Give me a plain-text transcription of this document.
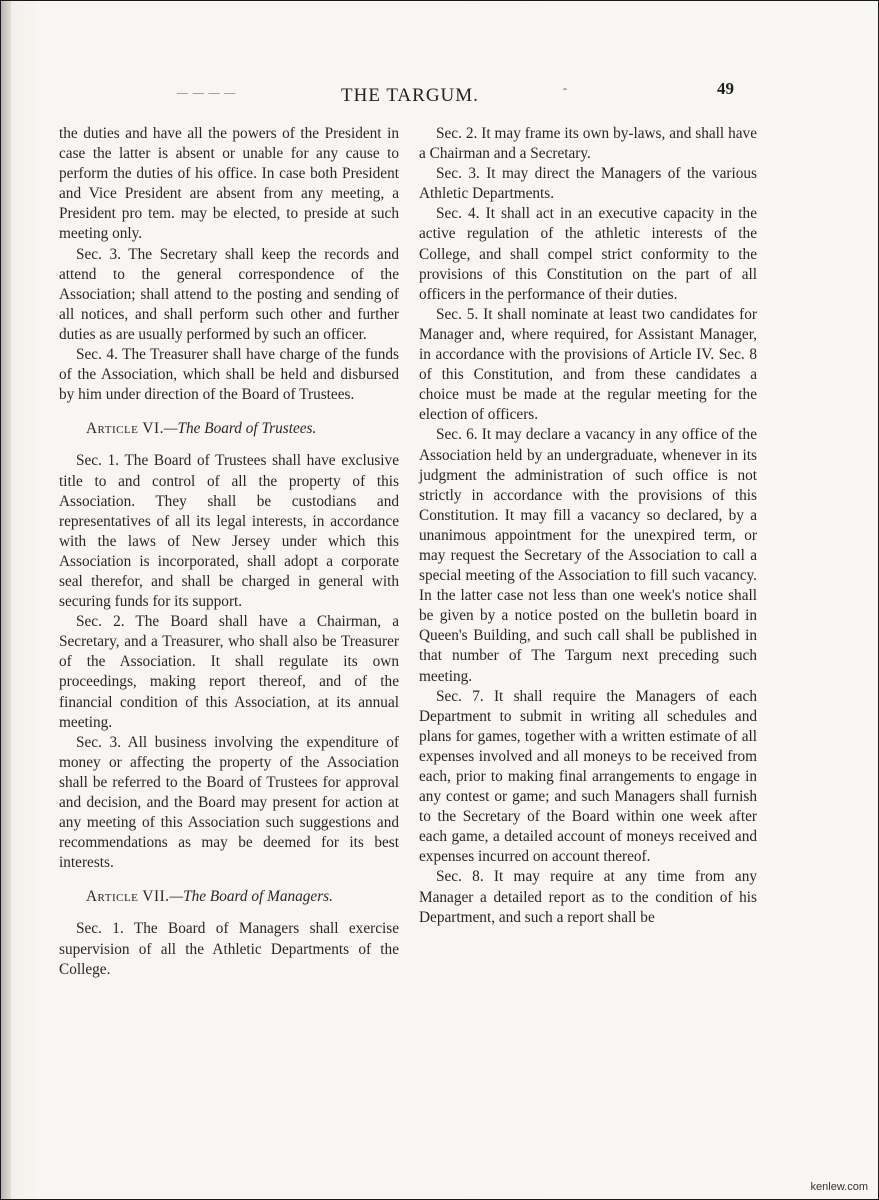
— — — —	THE TARGUM.	-	49

the duties and have all the powers of the President in case the latter is absent or unable for any cause to perform the duties of his office. In case both President and Vice President are absent from any meeting, a President pro tem. may be elected, to preside at such meeting only.

Sec. 3. The Secretary shall keep the records and attend to the general correspondence of the Association; shall attend to the posting and sending of all notices, and shall perform such other and further duties as are usually performed by such an officer.

Sec. 4. The Treasurer shall have charge of the funds of the Association, which shall be held and disbursed by him under direction of the Board of Trustees.

Article VI.—The Board of Trustees.

Sec. 1. The Board of Trustees shall have exclusive title to and control of all the property of this Association. They shall be custodians and representatives of all its legal interests, in accordance with the laws of New Jersey under which this Association is incorporated, shall adopt a corporate seal therefor, and shall be charged in general with securing funds for its support.

Sec. 2. The Board shall have a Chairman, a Secretary, and a Treasurer, who shall also be Treasurer of the Association. It shall regulate its own proceedings, making report thereof, and of the financial condition of this Association, at its annual meeting.

Sec. 3. All business involving the expenditure of money or affecting the property of the Association shall be referred to the Board of Trustees for approval and decision, and the Board may present for action at any meeting of this Association such suggestions and recommendations as may be deemed for its best interests.

Article VII.—The Board of Managers.

Sec. 1. The Board of Managers shall exercise supervision of all the Athletic Departments of the College.

Sec. 2. It may frame its own by-laws, and shall have a Chairman and a Secretary.

Sec. 3. It may direct the Managers of the various Athletic Departments.

Sec. 4. It shall act in an executive capacity in the active regulation of the athletic interests of the College, and shall compel strict conformity to the provisions of this Constitution on the part of all officers in the performance of their duties.

Sec. 5. It shall nominate at least two candidates for Manager and, where required, for Assistant Manager, in accordance with the provisions of Article IV. Sec. 8 of this Constitution, and from these candidates a choice must be made at the regular meeting for the election of officers.

Sec. 6. It may declare a vacancy in any office of the Association held by an undergraduate, whenever in its judgment the administration of such office is not strictly in accordance with the provisions of this Constitution. It may fill a vacancy so declared, by a unanimous appointment for the unexpired term, or may request the Secretary of the Association to call a special meeting of the Association to fill such vacancy. In the latter case not less than one week's notice shall be given by a notice posted on the bulletin board in Queen's Building, and such call shall be published in that number of The Targum next preceding such meeting.

Sec. 7. It shall require the Managers of each Department to submit in writing all schedules and plans for games, together with a written estimate of all expenses involved and all moneys to be received from each, prior to making final arrangements to engage in any contest or game; and such Managers shall furnish to the Secretary of the Board within one week after each game, a detailed account of moneys received and expenses incurred on account thereof.

Sec. 8. It may require at any time from any Manager a detailed report as to the condition of his Department, and such a report shall be

kenlew.com
